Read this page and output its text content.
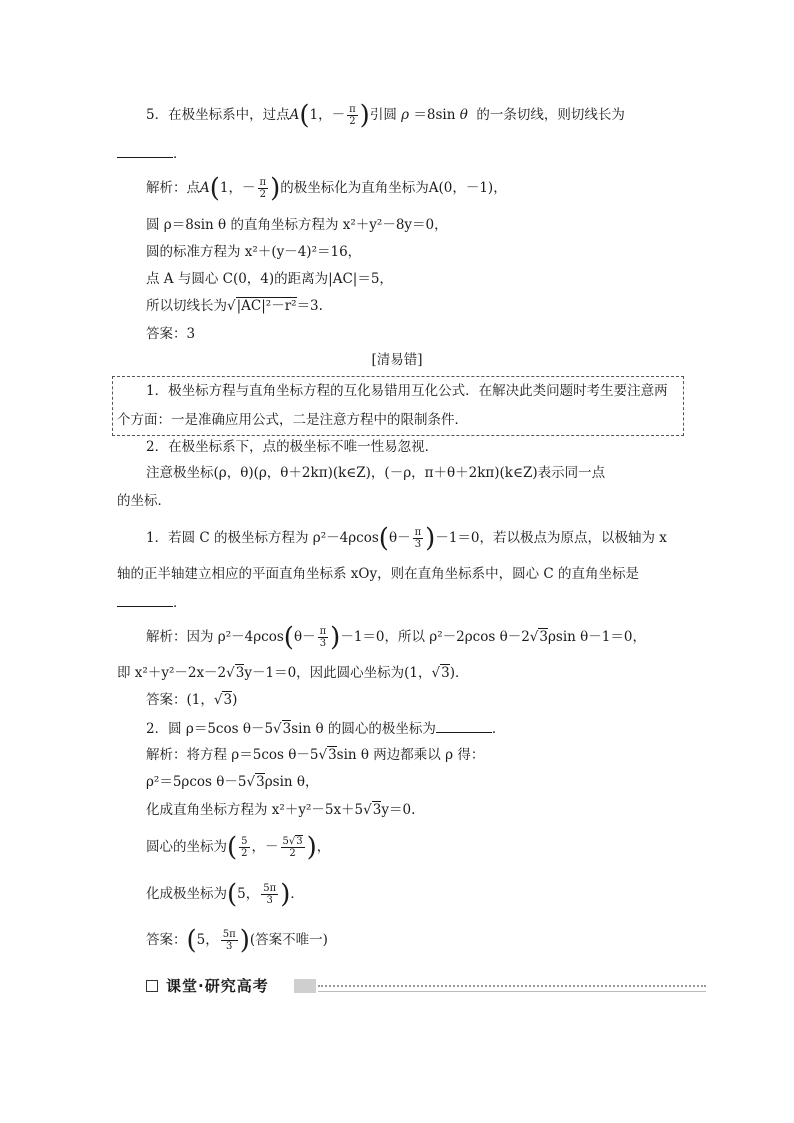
5．在极坐标系中，过点A(1，－ $\frac{\pi}{2}$ )引圆 ρ ＝8sin θ 的一条切线，则切线长为
．
解析：点A(1，－ $\frac{\pi}{2}$ )的极坐标化为直角坐标为A(0，－1)，
圆 ρ＝8sin θ 的直角坐标方程为 x²＋y²－8y＝0，
圆的标准方程为 x²＋(y－4)²＝16，
点 A 与圆心 C(0，4)的距离为|AC|＝5，
所以切线长为√|AC|²－r²＝3.
答案：3
[清易错]
1．极坐标方程与直角坐标方程的互化易错用互化公式．在解决此类问题时考生要注意两
个方面：一是准确应用公式，二是注意方程中的限制条件．
2．在极坐标系下，点的极坐标不唯一性易忽视．
注意极坐标(ρ，θ)(ρ，θ＋2kπ)(k∈Z)，(－ρ，π＋θ＋2kπ)(k∈Z)表示同一点
的坐标．
1．若圆 C 的极坐标方程为 $\rho^2-4\rho\cos(\theta- \frac{\pi}{3} )-1=0$，若以极点为原点，以极轴为 x
轴的正半轴建立相应的平面直角坐标系 xOy，则在直角坐标系中，圆心 C 的直角坐标是
．
解析：因为 $\rho^2-4\rho\cos(\theta- \frac{\pi}{3} )-1=0$，所以 ρ²－2ρcos θ－2√3ρsin θ－1＝0，
即 x²＋y²－2x－2√3y－1＝0，因此圆心坐标为(1，√3)．
答案：(1，√3)
2．圆 ρ＝5cos θ－5√3sin θ 的圆心的极坐标为	．
解析：将方程 ρ＝5cos θ－5√3sin θ 两边都乘以 ρ 得：
ρ²＝5ρcos θ－5√3ρsin θ，
化成直角坐标方程为 x²＋y²－5x＋5√3y＝0.
圆心的坐标为( $\frac{5}{2}$ ，－ $\frac{5√3}{2}$ )，
化成极坐标为(5， $\frac{5\pi}{3}$ )．
答案：(5， $\frac{5\pi}{3}$ )(答案不唯一)
课堂·研究高考
